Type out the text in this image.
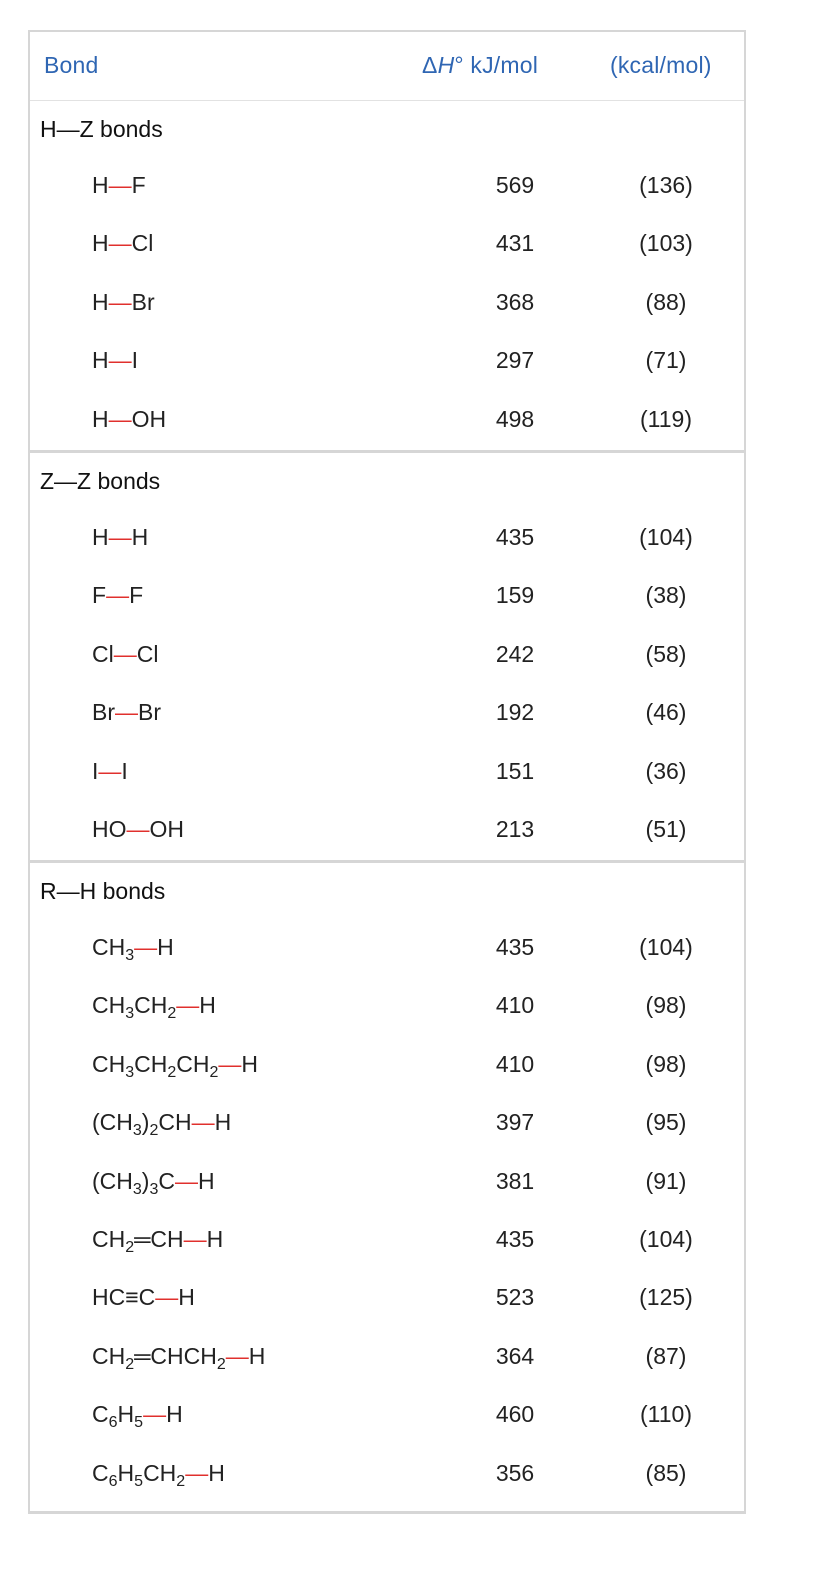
Bond	ΔH° kJ/mol	(kcal/mol)
H—Z bonds
H—F	569	(136)
H—Cl	431	(103)
H—Br	368	(88)
H—I	297	(71)
H—OH	498	(119)
Z—Z bonds
H—H	435	(104)
F—F	159	(38)
Cl—Cl	242	(58)
Br—Br	192	(46)
I—I	151	(36)
HO—OH	213	(51)
R—H bonds
$CH_3—H$	435	(104)
$CH_3CH_2—H$	410	(98)
$CH_3CH_2CH_2—H$	410	(98)
$(CH_3)_2CH—H$	397	(95)
$(CH_3)_3C—H$	381	(91)
$CH_2═CH—H$	435	(104)
HC≡C—H	523	(125)
$CH_2═CHCH_2—H$	364	(87)
$C_6H_5—H$	460	(110)
$C_6H_5CH_2—H$	356	(85)
